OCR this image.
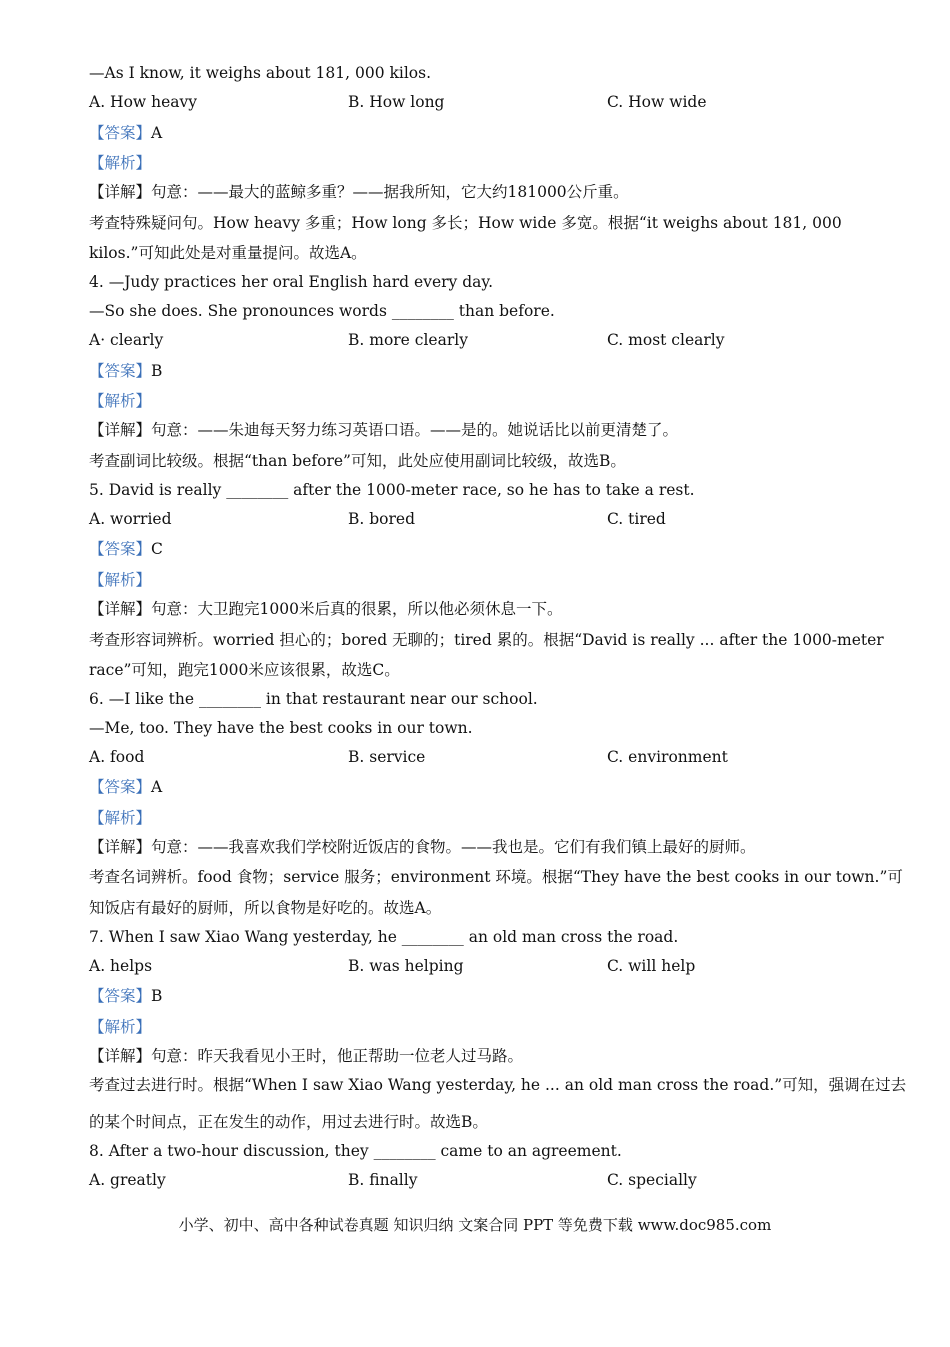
—As I know, it weighs about 181, 000 kilos.
A. How heavy	B. How long	C. How wide
【答案】A
【解析】
【详解】句意：——最大的蓝鲸多重？——据我所知，它大约181000公斤重。
考查特殊疑问句。How heavy 多重；How long 多长；How wide 多宽。根据“it weighs about 181, 000
kilos.”可知此处是对重量提问。故选A。
4. —Judy practices her oral English hard every day.
—So she does. She pronounces words ________ than before.
A· clearly	B. more clearly	C. most clearly
【答案】B
【解析】
【详解】句意：——朱迪每天努力练习英语口语。——是的。她说话比以前更清楚了。
考查副词比较级。根据“than before”可知，此处应使用副词比较级，故选B。
5. David is really ________ after the 1000-meter race, so he has to take a rest.
A. worried	B. bored	C. tired
【答案】C
【解析】
【详解】句意：大卫跑完1000米后真的很累，所以他必须休息一下。
考查形容词辨析。worried 担心的；bored 无聊的；tired 累的。根据“David is really ... after the 1000-meter
race”可知，跑完1000米应该很累，故选C。
6. —I like the ________ in that restaurant near our school.
—Me, too. They have the best cooks in our town.
A. food	B. service	C. environment
【答案】A
【解析】
【详解】句意：——我喜欢我们学校附近饭店的食物。——我也是。它们有我们镇上最好的厨师。
考查名词辨析。food 食物；service 服务；environment 环境。根据“They have the best cooks in our town.”可
知饭店有最好的厨师，所以食物是好吃的。故选A。
7. When I saw Xiao Wang yesterday, he ________ an old man cross the road.
A. helps	B. was helping	C. will help
【答案】B
【解析】
【详解】句意：昨天我看见小王时，他正帮助一位老人过马路。
考查过去进行时。根据“When I saw Xiao Wang yesterday, he ... an old man cross the road.”可知，强调在过去
的某个时间点，正在发生的动作，用过去进行时。故选B。
8. After a two-hour discussion, they ________ came to an agreement.
A. greatly	B. finally	C. specially
小学、初中、高中各种试卷真题 知识归纳 文案合同 PPT 等免费下载 www.doc985.com
